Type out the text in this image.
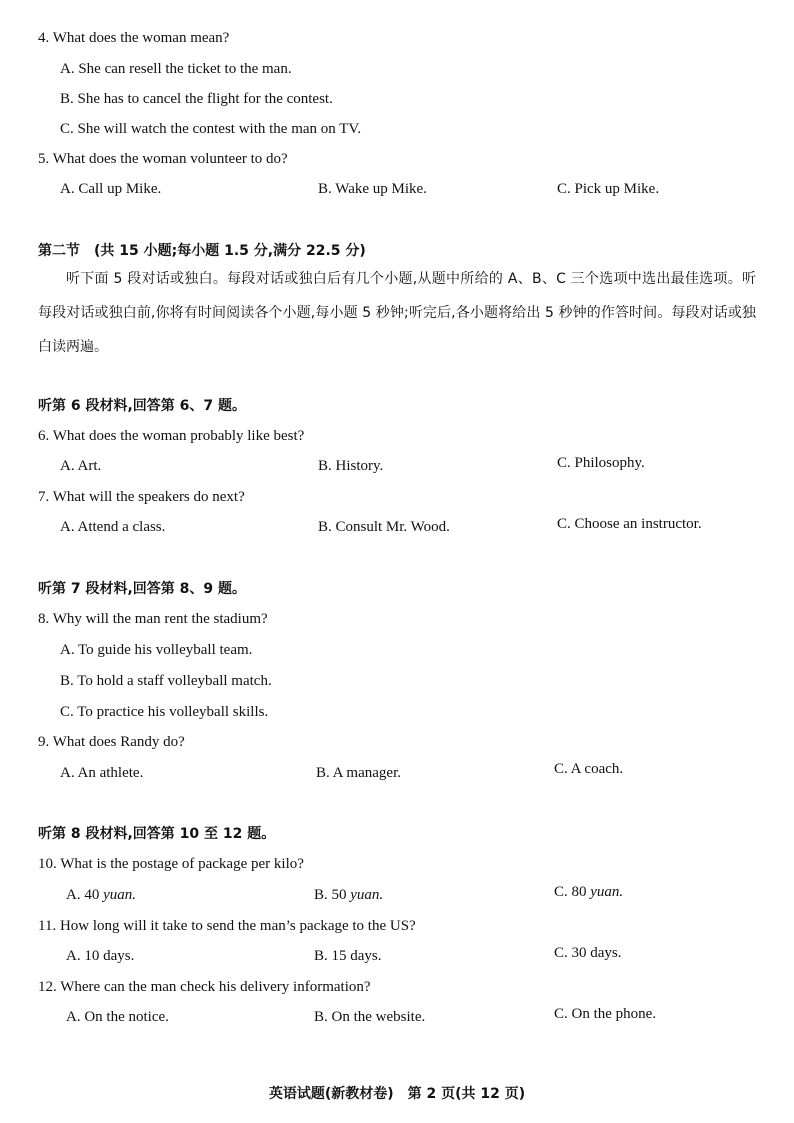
4. What does the woman mean?
A. She can resell the ticket to the man.
B. She has to cancel the flight for the contest.
C. She will watch the contest with the man on TV.
5. What does the woman volunteer to do?
A. Call up Mike.	B. Wake up Mike.	C. Pick up Mike.
第二节　(共 15 小题;每小题 1.5 分,满分 22.5 分)

听下面 5 段对话或独白。每段对话或独白后有几个小题,从题中所给的 A、B、C 三个选项中选出最佳选项。听每段对话或独白前,你将有时间阅读各个小题,每小题 5 秒钟;听完后,各小题将给出 5 秒钟的作答时间。每段对话或独白读两遍。

听第 6 段材料,回答第 6、7 题。
6. What does the woman probably like best?
A. Art.	B. History.	C. Philosophy.
7. What will the speakers do next?
A. Attend a class.	B. Consult Mr. Wood.	C. Choose an instructor.
听第 7 段材料,回答第 8、9 题。
8. Why will the man rent the stadium?
A. To guide his volleyball team.
B. To hold a staff volleyball match.
C. To practice his volleyball skills.
9. What does Randy do?
A. An athlete.	B. A manager.	C. A coach.
听第 8 段材料,回答第 10 至 12 题。
10. What is the postage of package per kilo?
A. 40 yuan.	B. 50 yuan.	C. 80 yuan.
11. How long will it take to send the man’s package to the US?
A. 10 days.	B. 15 days.	C. 30 days.
12. Where can the man check his delivery information?
A. On the notice.	B. On the website.	C. On the phone.
英语试题(新教材卷)　第 2 页(共 12 页)
